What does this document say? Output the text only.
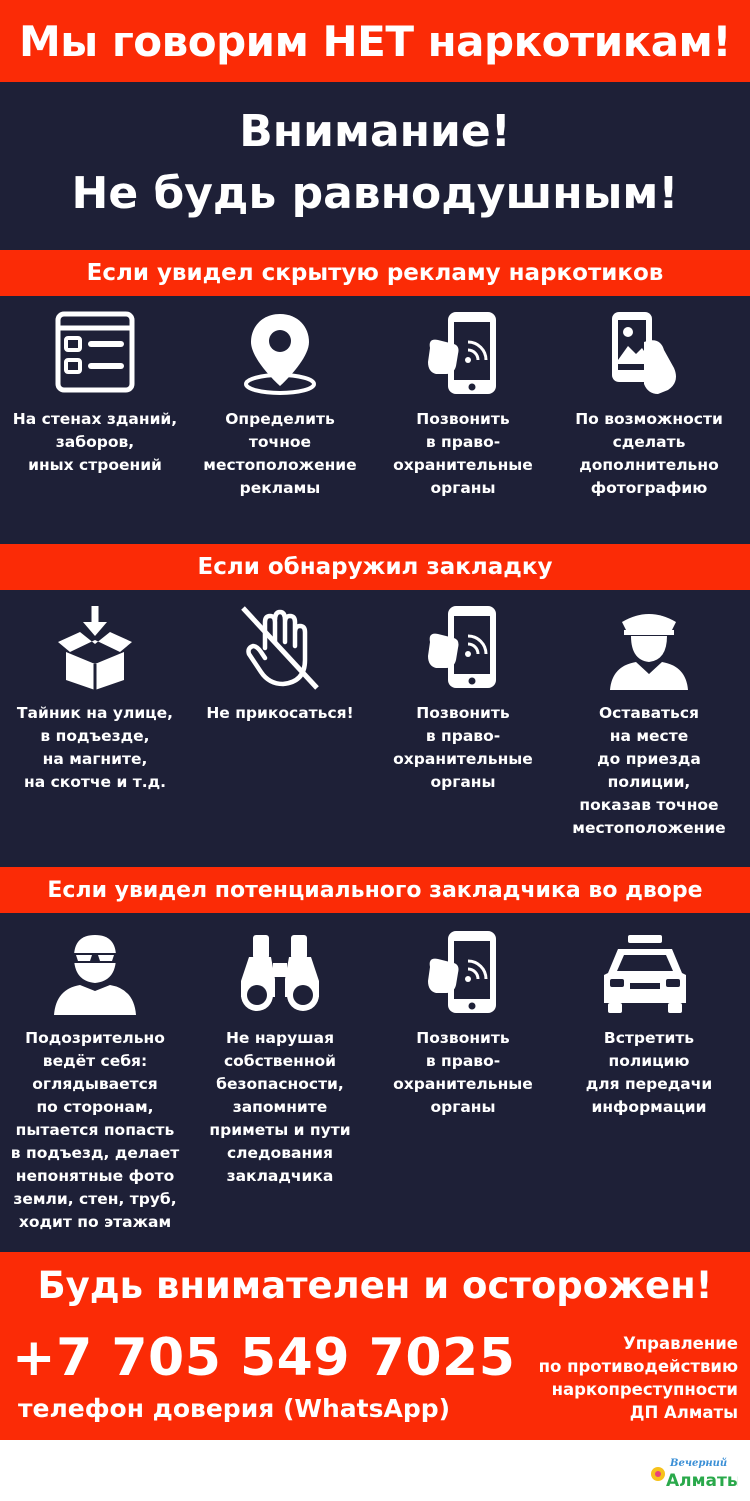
Мы говорим НЕТ наркотикам!
Внимание!
Не будь равнодушным!
Если увидел скрытую рекламу наркотиков
На стенах зданий,
заборов,
иных строений
Определить
точное
местоположение
рекламы
Позвонить
в право-
охранительные
органы
По возможности
сделать
дополнительно
фотографию
Если обнаружил закладку
Тайник на улице,
в подъезде,
на магните,
на скотче и т.д.
Не прикосаться!	Позвонить
в право-
охранительные
органы
Оставаться
на месте
до приезда
полиции,
показав точное
местоположение
Если увидел потенциального закладчика во дворе
Подозрительно
ведёт себя:
оглядывается
по сторонам,
пытается попасть
в подъезд, делает
непонятные фото
земли, стен, труб,
ходит по этажам
Не нарушая
собственной
безопасности,
запомните
приметы и пути
следования
закладчика
Позвонить
в право-
охранительные
органы
Встретить
полицию
для передачи
информации
Будь внимателен и осторожен!
+7 705 549 7025
телефон доверия (WhatsApp)
Управление
по противодействию
наркопреступности
ДП Алматы
Вечерний
Алматы
